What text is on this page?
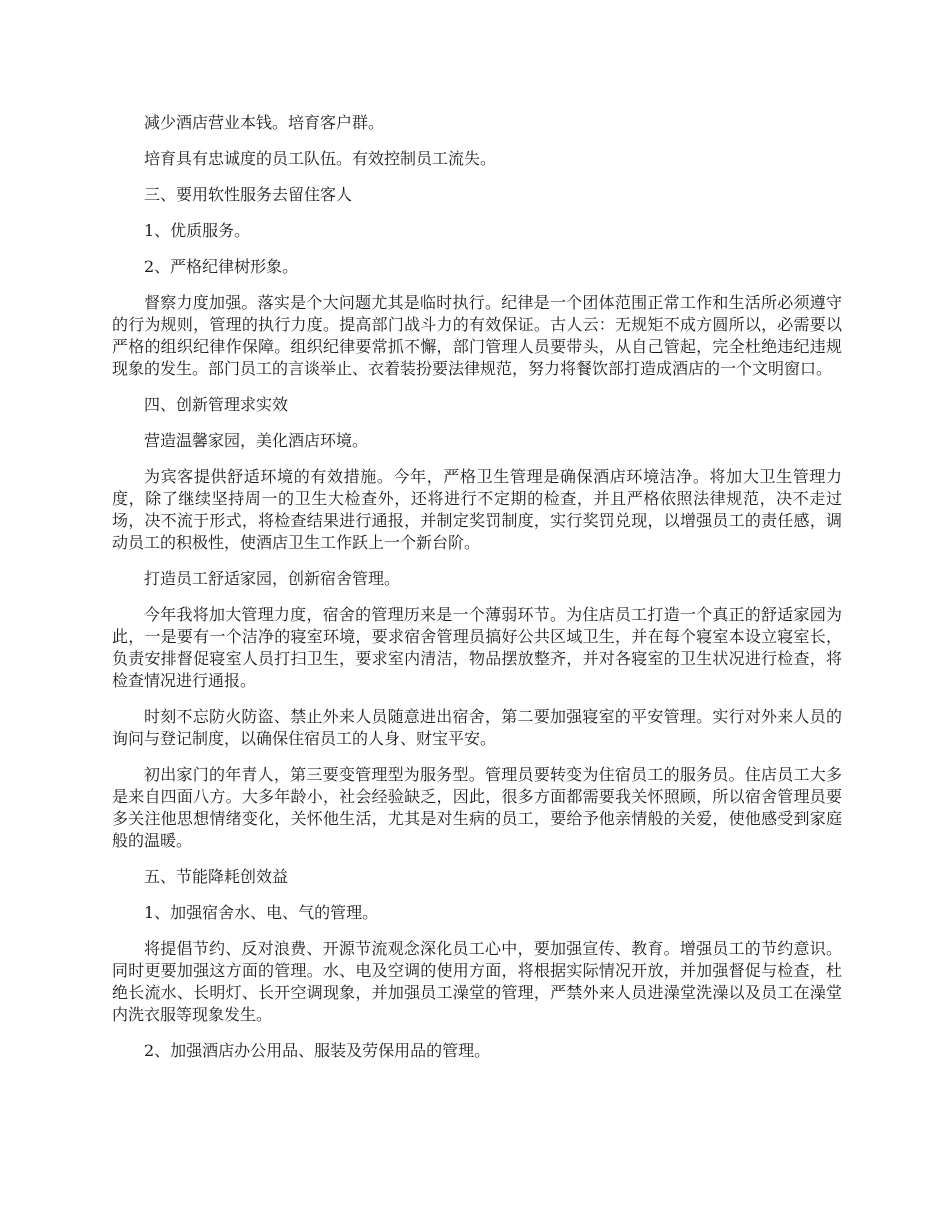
减少酒店营业本钱。培育客户群。

培育具有忠诚度的员工队伍。有效控制员工流失。

三、要用软性服务去留住客人

1、优质服务。

2、严格纪律树形象。

督察力度加强。落实是个大问题尤其是临时执行。纪律是一个团体范围正常工作和生活所必须遵守的行为规则，管理的执行力度。提高部门战斗力的有效保证。古人云：无规矩不成方圆所以，必需要以严格的组织纪律作保障。组织纪律要常抓不懈，部门管理人员要带头，从自己管起，完全杜绝违纪违规现象的发生。部门员工的言谈举止、衣着装扮要法律规范，努力将餐饮部打造成酒店的一个文明窗口。

四、创新管理求实效

营造温馨家园，美化酒店环境。

为宾客提供舒适环境的有效措施。今年，严格卫生管理是确保酒店环境洁净。将加大卫生管理力度，除了继续坚持周一的卫生大检查外，还将进行不定期的检查，并且严格依照法律规范，决不走过场，决不流于形式，将检查结果进行通报，并制定奖罚制度，实行奖罚兑现，以增强员工的责任感，调动员工的积极性，使酒店卫生工作跃上一个新台阶。

打造员工舒适家园，创新宿舍管理。

今年我将加大管理力度，宿舍的管理历来是一个薄弱环节。为住店员工打造一个真正的舒适家园为此，一是要有一个洁净的寝室环境，要求宿舍管理员搞好公共区域卫生，并在每个寝室本设立寝室长，负责安排督促寝室人员打扫卫生，要求室内清洁，物品摆放整齐，并对各寝室的卫生状况进行检查，将检查情况进行通报。

时刻不忘防火防盗、禁止外来人员随意进出宿舍，第二要加强寝室的平安管理。实行对外来人员的询问与登记制度，以确保住宿员工的人身、财宝平安。

初出家门的年青人，第三要变管理型为服务型。管理员要转变为住宿员工的服务员。住店员工大多是来自四面八方。大多年龄小，社会经验缺乏，因此，很多方面都需要我关怀照顾，所以宿舍管理员要多关注他思想情绪变化，关怀他生活，尤其是对生病的员工，要给予他亲情般的关爱，使他感受到家庭般的温暖。

五、节能降耗创效益

1、加强宿舍水、电、气的管理。

将提倡节约、反对浪费、开源节流观念深化员工心中，要加强宣传、教育。增强员工的节约意识。同时更要加强这方面的管理。水、电及空调的使用方面，将根据实际情况开放，并加强督促与检查，杜绝长流水、长明灯、长开空调现象，并加强员工澡堂的管理，严禁外来人员进澡堂洗澡以及员工在澡堂内洗衣服等现象发生。

2、加强酒店办公用品、服装及劳保用品的管理。
